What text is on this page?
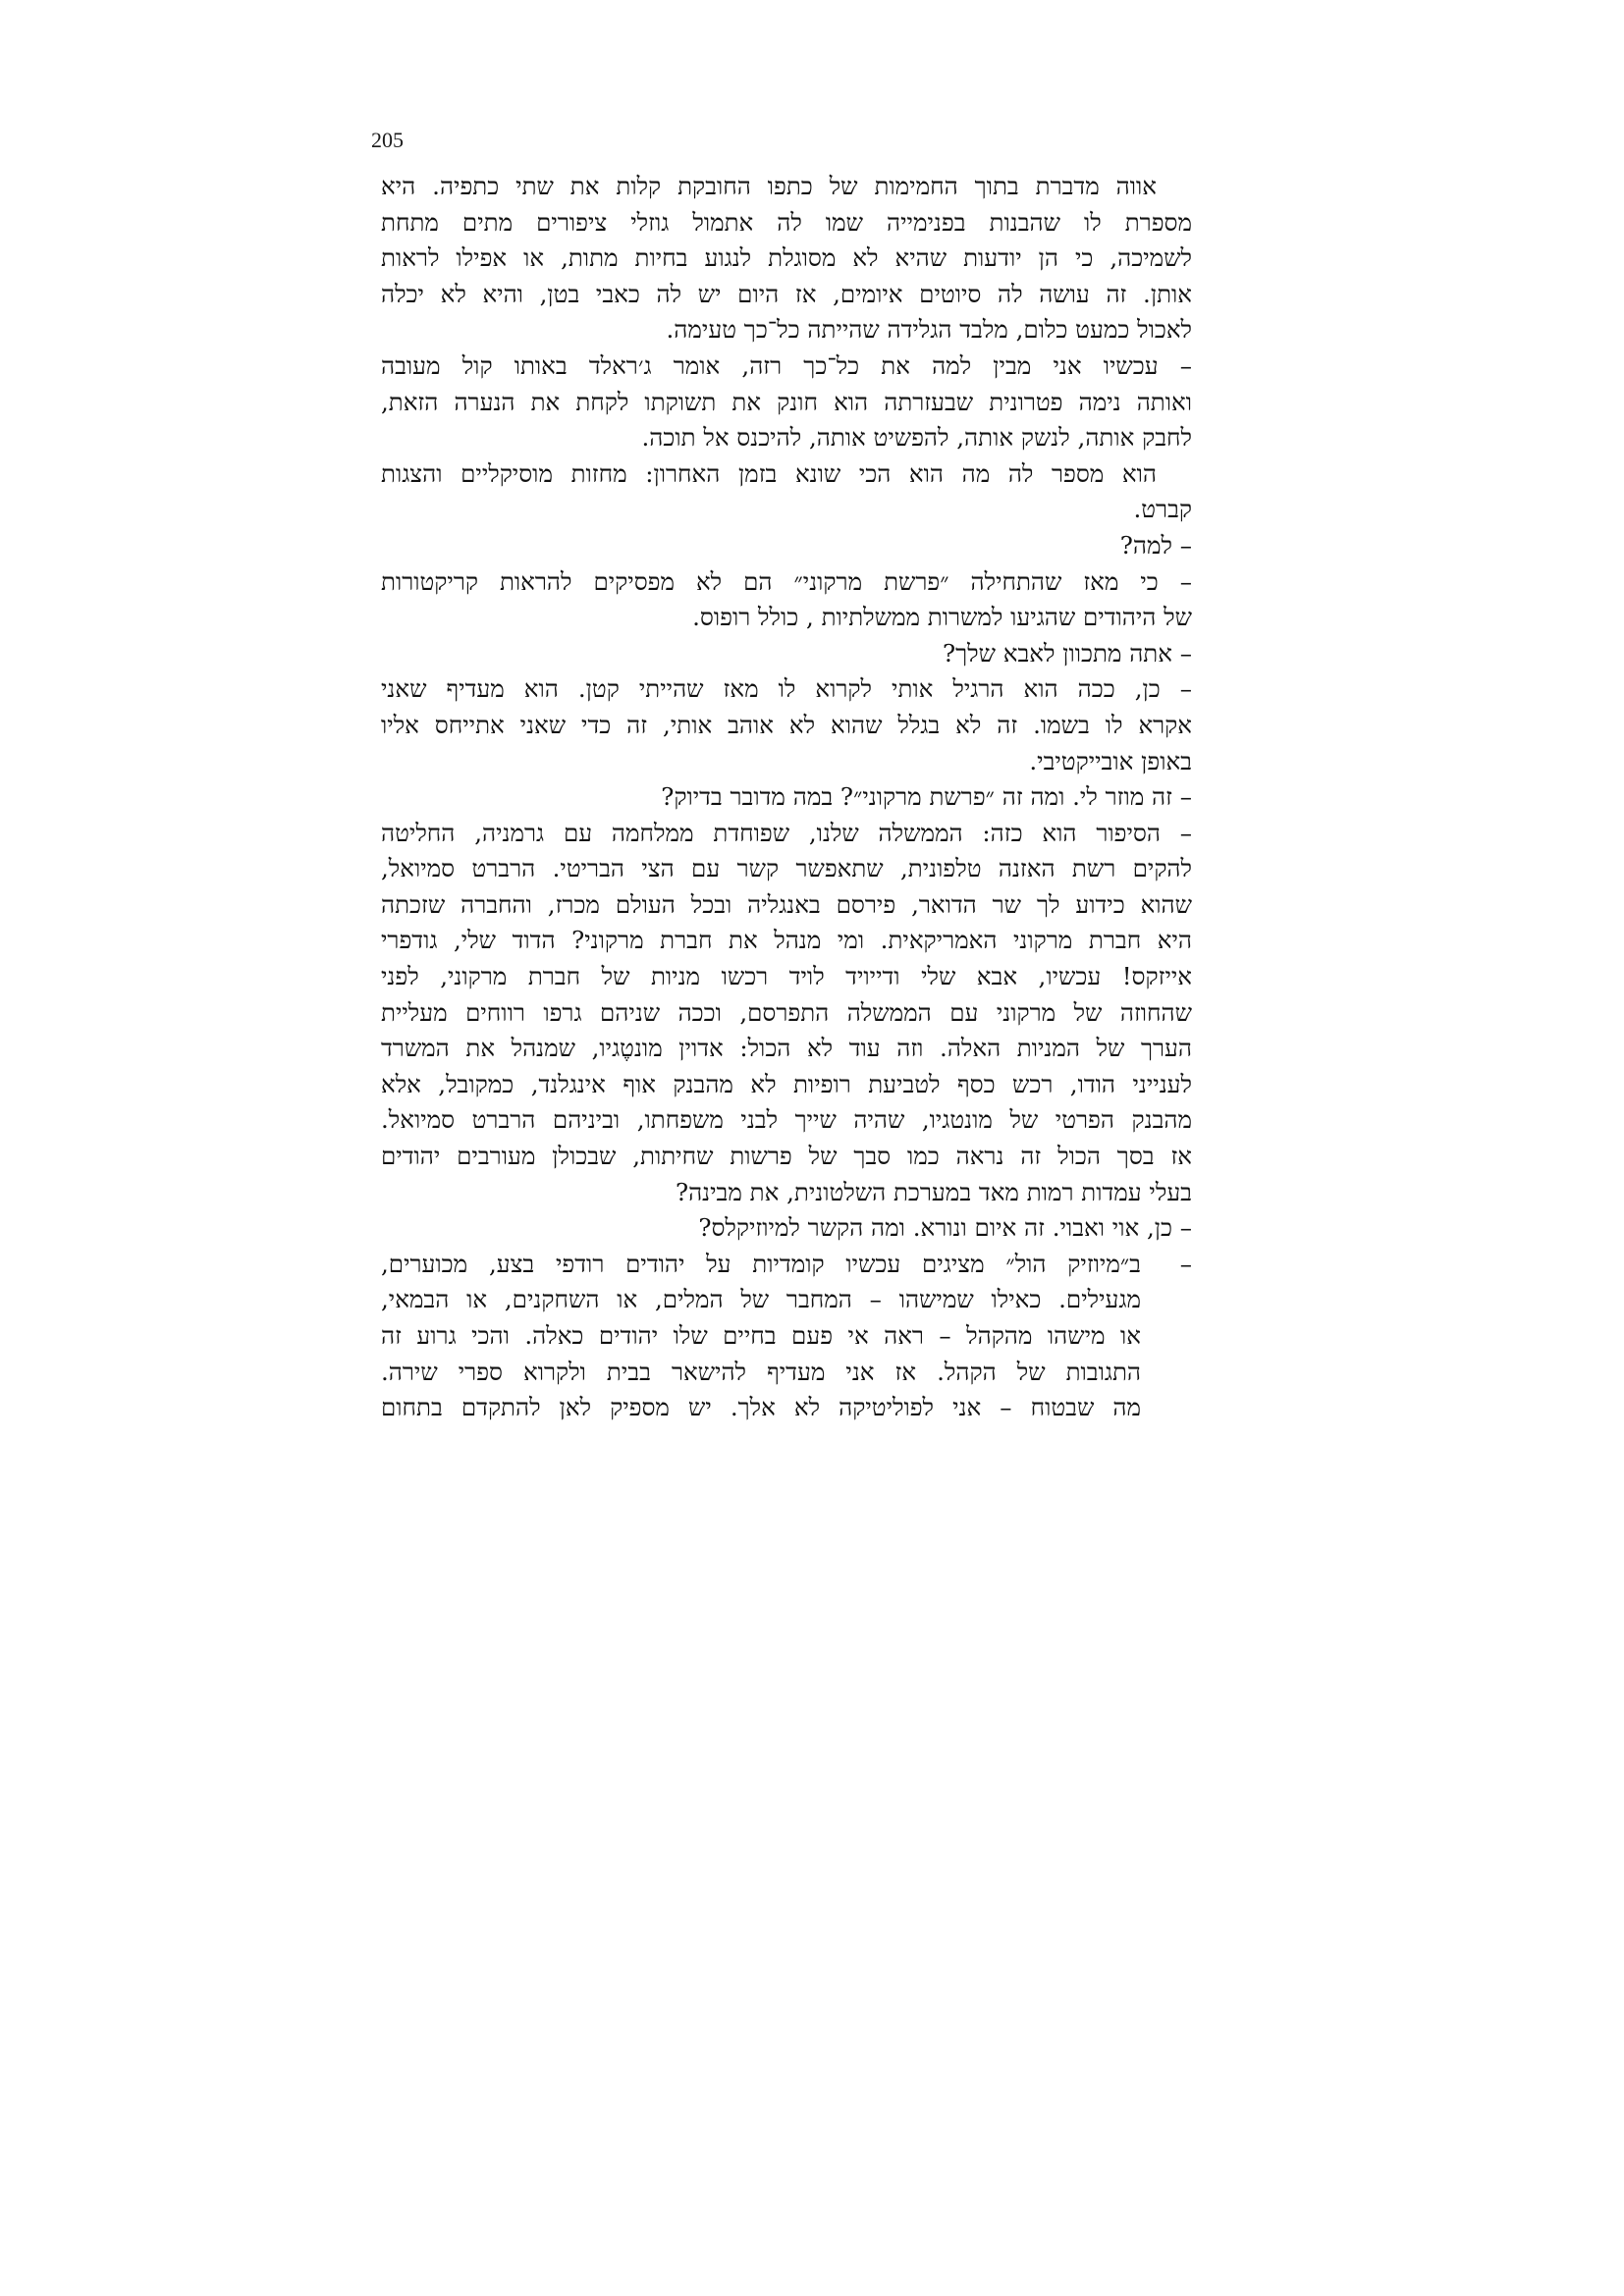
205
אווה מדברת בתוך החמימות של כתפו החובקת קלות את שתי כתפיה. היא
מספרת לו שהבנות בפנימייה שמו לה אתמול גוזלי ציפורים מתים מתחת
לשמיכה, כי הן יודעות שהיא לא מסוגלת לנגוע בחיות מתות, או אפילו לראות
אותן. זה עושה לה סיוטים איומים, אז היום יש לה כאבי בטן, והיא לא יכלה
לאכול כמעט כלום, מלבד הגלידה שהייתה כל־כך טעימה.
– עכשיו אני מבין למה את כל־כך רזה, אומר ג׳ראלד באותו קול מעובה
ואותה נימה פטרונית שבעזרתה הוא חונק את תשוקתו לקחת את הנערה הזאת,
לחבק אותה, לנשק אותה, להפשיט אותה, להיכנס אל תוכה.
הוא מספר לה מה הוא הכי שונא בזמן האחרון: מחזות מוסיקליים והצגות
קברט.
– למה?
– כי מאז שהתחילה ״פרשת מרקוני״ הם לא מפסיקים להראות קריקטורות
של היהודים שהגיעו למשרות ממשלתיות , כולל רופוס.
– אתה מתכוון לאבא שלך?
– כן, ככה הוא הרגיל אותי לקרוא לו מאז שהייתי קטן. הוא מעדיף שאני
אקרא לו בשמו. זה לא בגלל שהוא לא אוהב אותי, זה כדי שאני אתייחס אליו
באופן אובייקטיבי.
– זה מוזר לי. ומה זה ״פרשת מרקוני״? במה מדובר בדיוק?
– הסיפור הוא כזה: הממשלה שלנו, שפוחדת ממלחמה עם גרמניה, החליטה
להקים רשת האזנה טלפונית, שתאפשר קשר עם הצי הבריטי. הרברט סמיואל,
שהוא כידוע לך שר הדואר, פירסם באנגליה ובכל העולם מכרז, והחברה שזכתה
היא חברת מרקוני האמריקאית. ומי מנהל את חברת מרקוני? הדוד שלי, גודפרי
אייזקס! עכשיו, אבא שלי ודייויד לויד רכשו מניות של חברת מרקוני, לפני
שהחוזה של מרקוני עם הממשלה התפרסם, וככה שניהם גרפו רווחים מעליית
הערך של המניות האלה. וזה עוד לא הכול: אדוין מונטֶגיו, שמנהל את המשרד
לענייני הודו, רכש כסף לטביעת רופיות לא מהבנק אוף אינגלנד, כמקובל, אלא
מהבנק הפרטי של מונטגיו, שהיה שייך לבני משפחתו, וביניהם הרברט סמיואל.
אז בסך הכול זה נראה כמו סבך של פרשות שחיתות, שבכולן מעורבים יהודים
בעלי עמדות רמות מאד במערכת השלטונית, את מבינה?
– כן, אוי ואבוי. זה איום ונורא. ומה הקשר למיוזיקלס?
–
ב״מיוזיק הול״ מציגים עכשיו קומדיות על יהודים רודפי בצע, מכוערים,
מגעילים. כאילו שמישהו – המחבר של המלים, או השחקנים, או הבמאי,
או מישהו מהקהל – ראה אי פעם בחיים שלו יהודים כאלה. והכי גרוע זה
התגובות של הקהל. אז אני מעדיף להישאר בבית ולקרוא ספרי שירה.
מה שבטוח – אני לפוליטיקה לא אלך. יש מספיק לאן להתקדם בתחום
